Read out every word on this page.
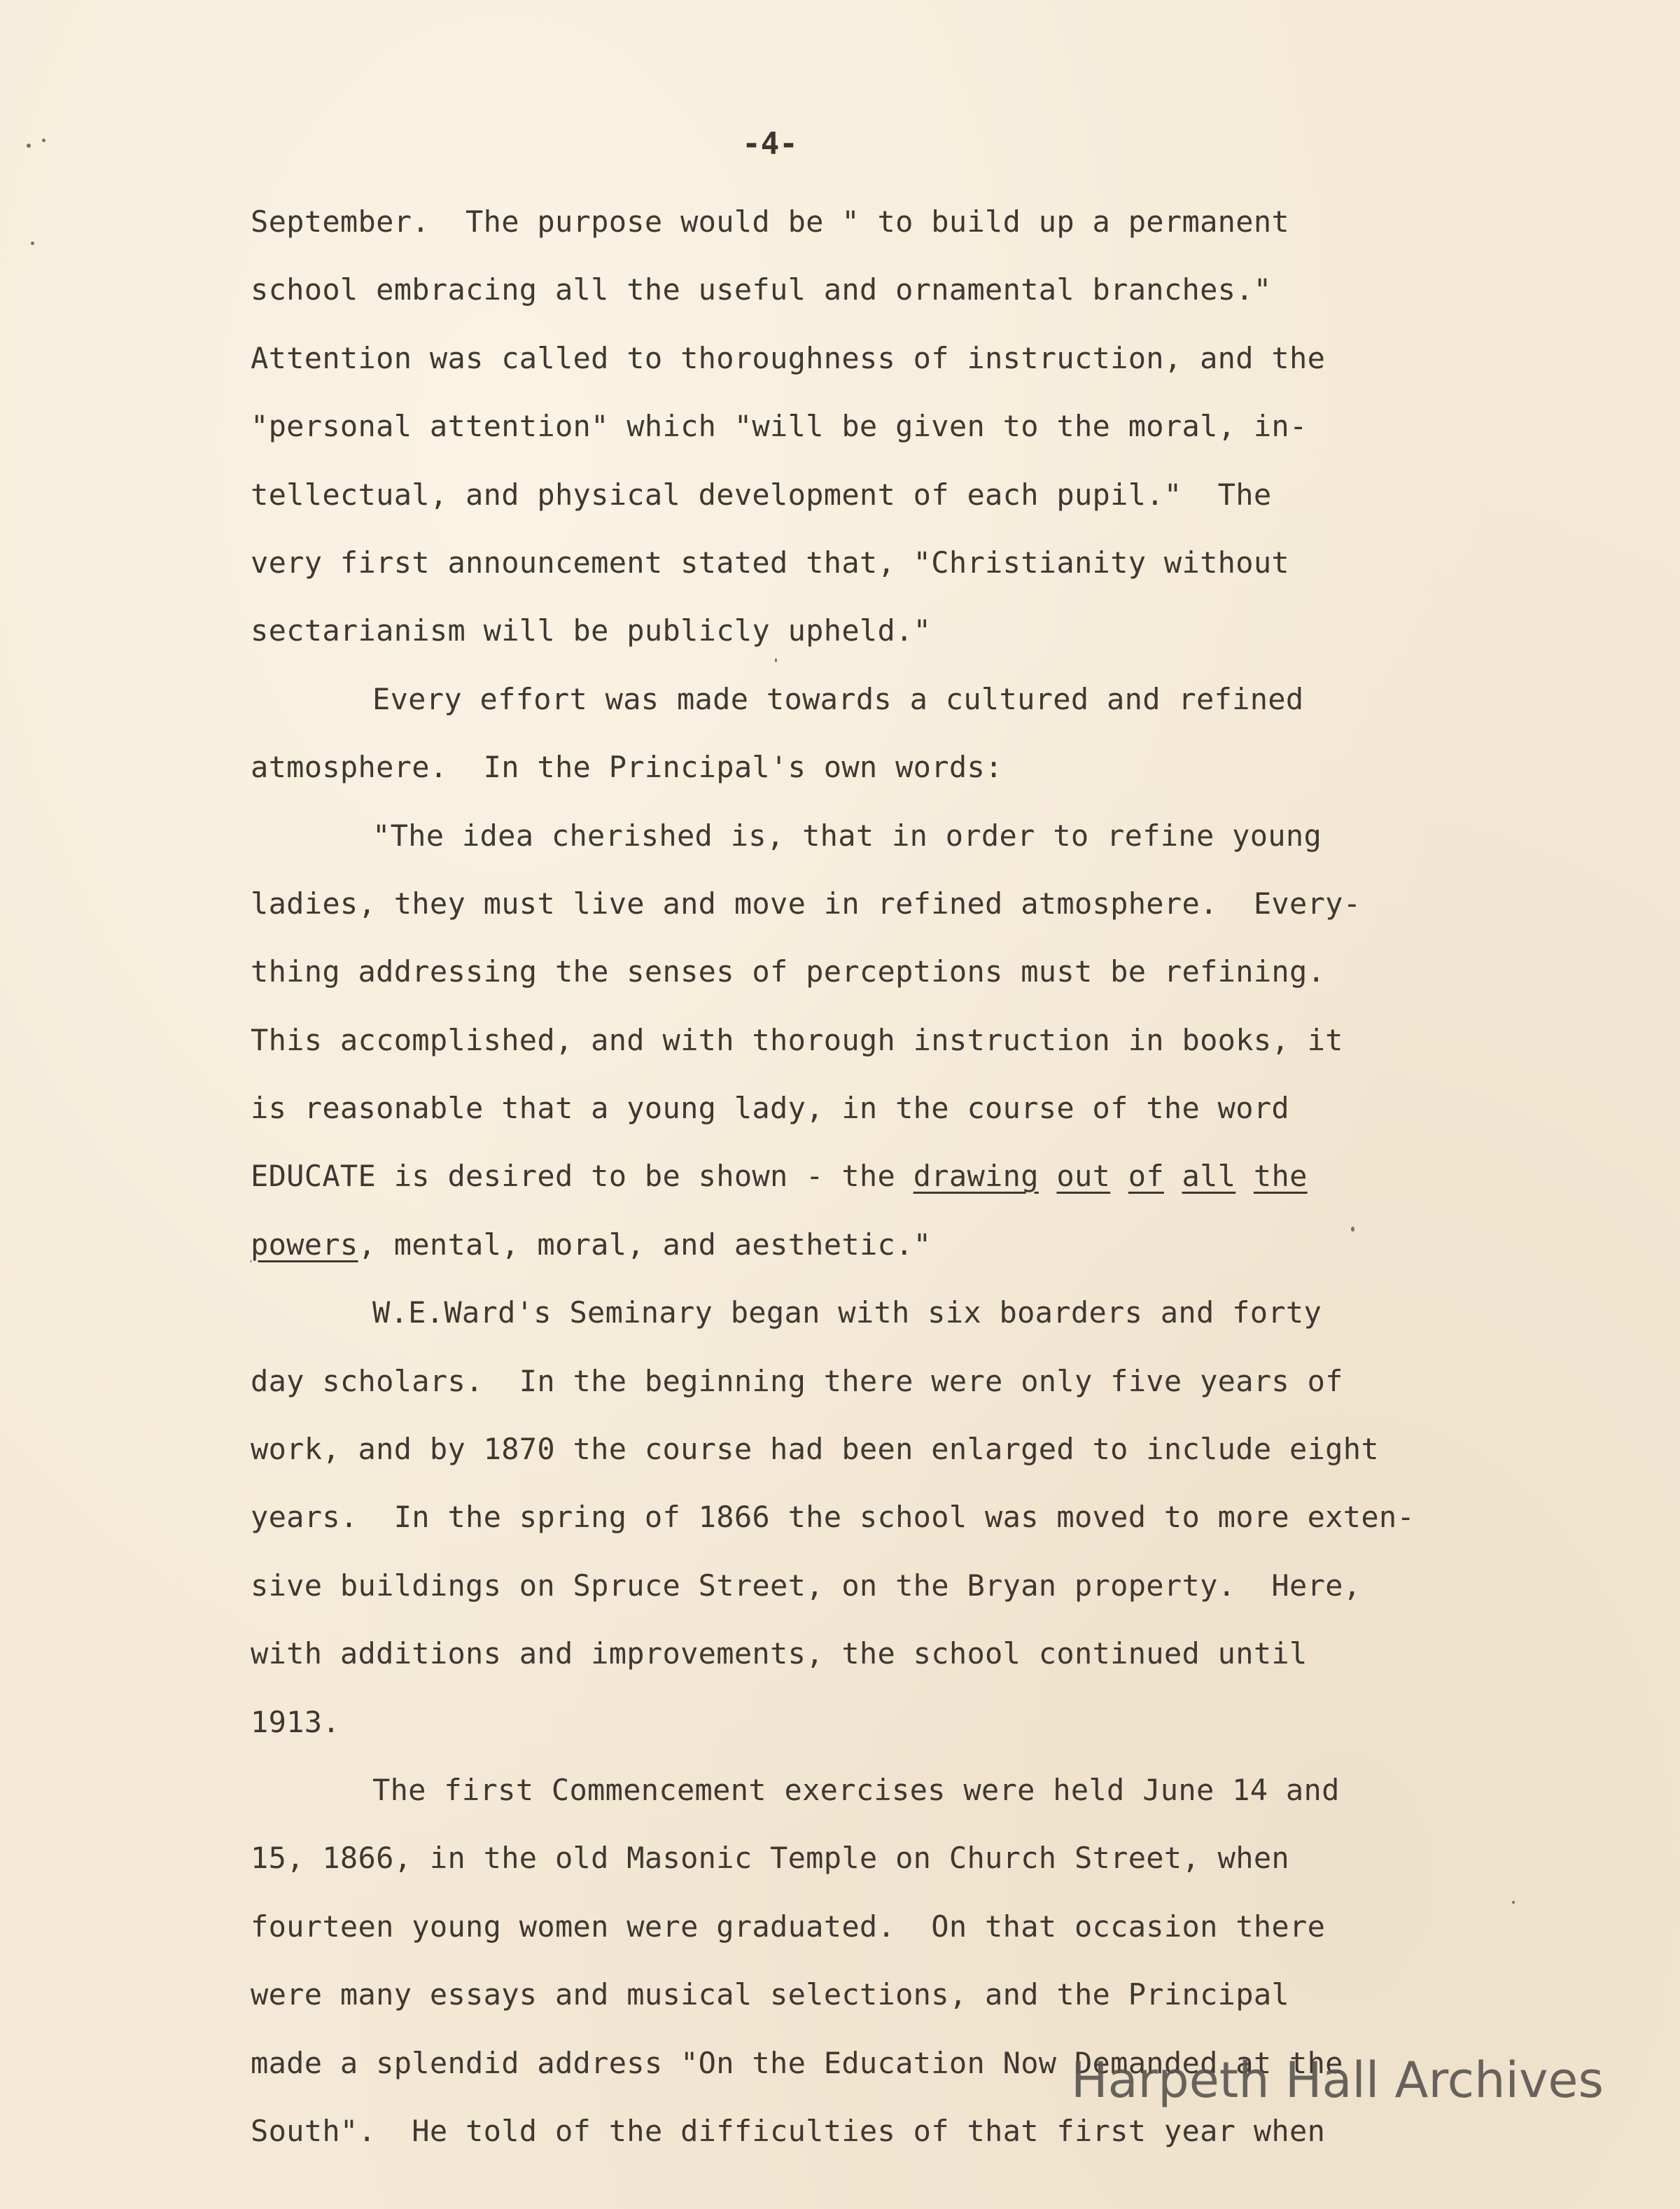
-4-
September.  The purpose would be " to build up a permanent
school embracing all the useful and ornamental branches."
Attention was called to thoroughness of instruction, and the
"personal attention" which "will be given to the moral, in-
tellectual, and physical development of each pupil."  The
very first announcement stated that, "Christianity without
sectarianism will be publicly upheld."
Every effort was made towards a cultured and refined
atmosphere.  In the Principal's own words:
"The idea cherished is, that in order to refine young
ladies, they must live and move in refined atmosphere.  Every-
thing addressing the senses of perceptions must be refining.
This accomplished, and with thorough instruction in books, it
is reasonable that a young lady, in the course of the word
EDUCATE is desired to be shown - the drawing out of all the
powers, mental, moral, and aesthetic."
W.E.Ward's Seminary began with six boarders and forty
day scholars.  In the beginning there were only five years of
work, and by 1870 the course had been enlarged to include eight
years.  In the spring of 1866 the school was moved to more exten-
sive buildings on Spruce Street, on the Bryan property.  Here,
with additions and improvements, the school continued until
1913.
The first Commencement exercises were held June 14 and
15, 1866, in the old Masonic Temple on Church Street, when
fourteen young women were graduated.  On that occasion there
were many essays and musical selections, and the Principal
made a splendid address "On the Education Now Demanded at the
South".  He told of the difficulties of that first year when
Harpeth Hall Archives
